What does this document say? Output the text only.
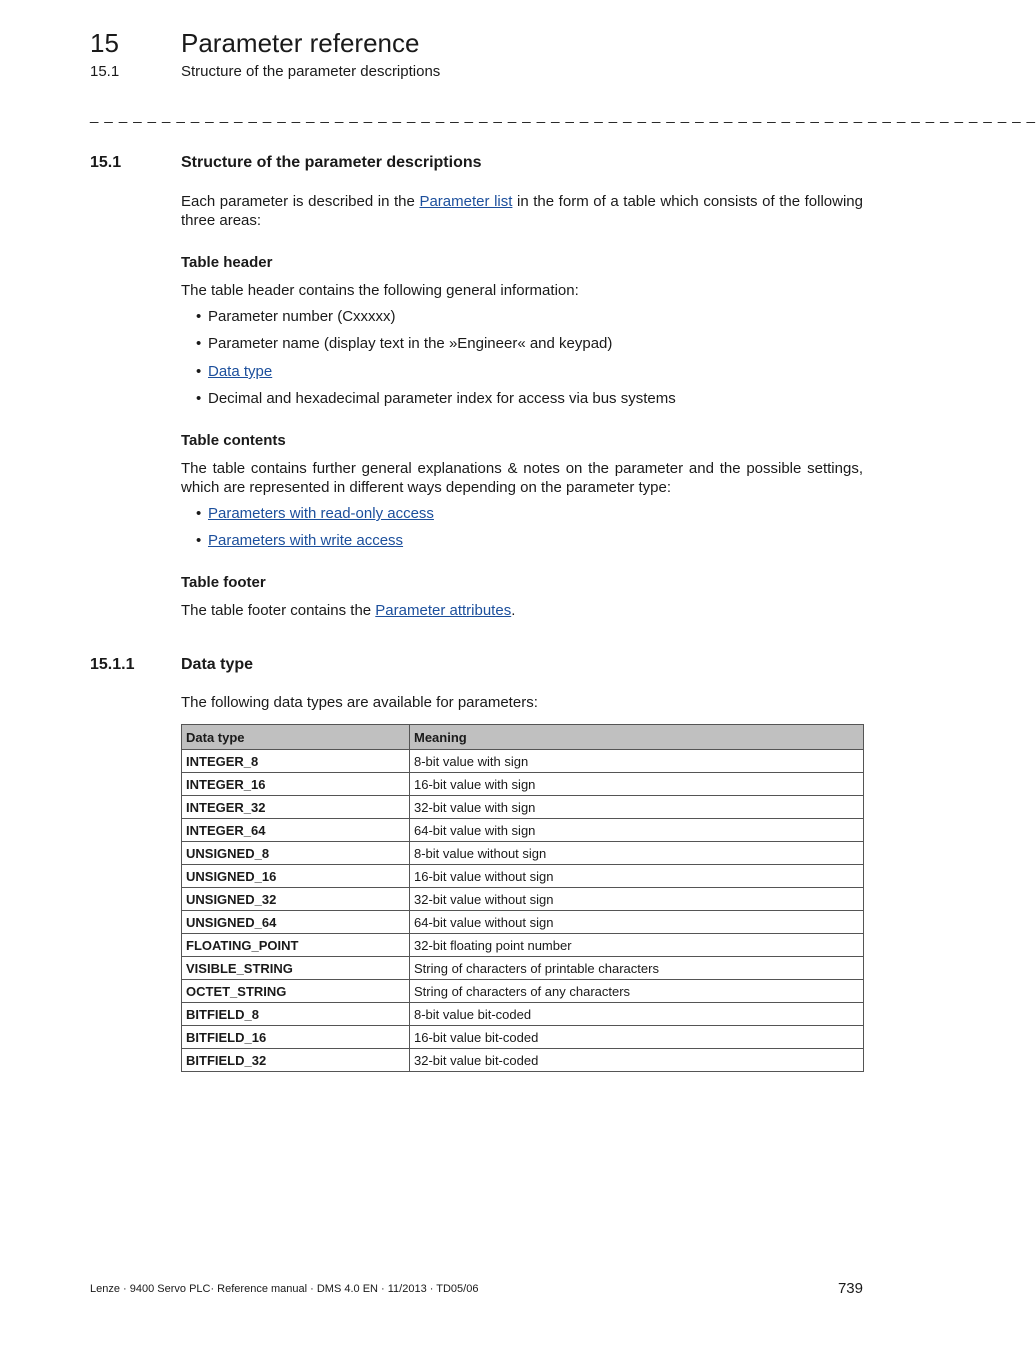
15 Parameter reference
15.1	Structure of the parameter descriptions
_ _ _ _ _ _ _ _ _ _ _ _ _ _ _ _ _ _ _ _ _ _ _ _ _ _ _ _ _ _ _ _ _ _ _ _ _ _ _ _ _ _ _ _ _ _ _ _ _ _ _ _ _ _ _ _ _ _ _ _ _ _ _ _ _ _
15.1	Structure of the parameter descriptions
Each parameter is described in the Parameter list in the form of a table which consists of the following three areas:
Table header
The table header contains the following general information:
• Parameter number (Cxxxxx)
• Parameter name (display text in the »Engineer« and keypad)
• Data type
• Decimal and hexadecimal parameter index for access via bus systems
Table contents
The table contains further general explanations & notes on the parameter and the possible settings, which are represented in different ways depending on the parameter type:
• Parameters with read-only access
• Parameters with write access
Table footer
The table footer contains the Parameter attributes.
15.1.1	Data type
The following data types are available for parameters:
Data type	Meaning
INTEGER_8	8-bit value with sign
INTEGER_16	16-bit value with sign
INTEGER_32	32-bit value with sign
INTEGER_64	64-bit value with sign
UNSIGNED_8	8-bit value without sign
UNSIGNED_16	16-bit value without sign
UNSIGNED_32	32-bit value without sign
UNSIGNED_64	64-bit value without sign
FLOATING_POINT	32-bit floating point number
VISIBLE_STRING	String of characters of printable characters
OCTET_STRING	String of characters of any characters
BITFIELD_8	8-bit value bit-coded
BITFIELD_16	16-bit value bit-coded
BITFIELD_32	32-bit value bit-coded
Lenze · 9400 Servo PLC· Reference manual · DMS 4.0 EN · 11/2013 · TD05/06	739
